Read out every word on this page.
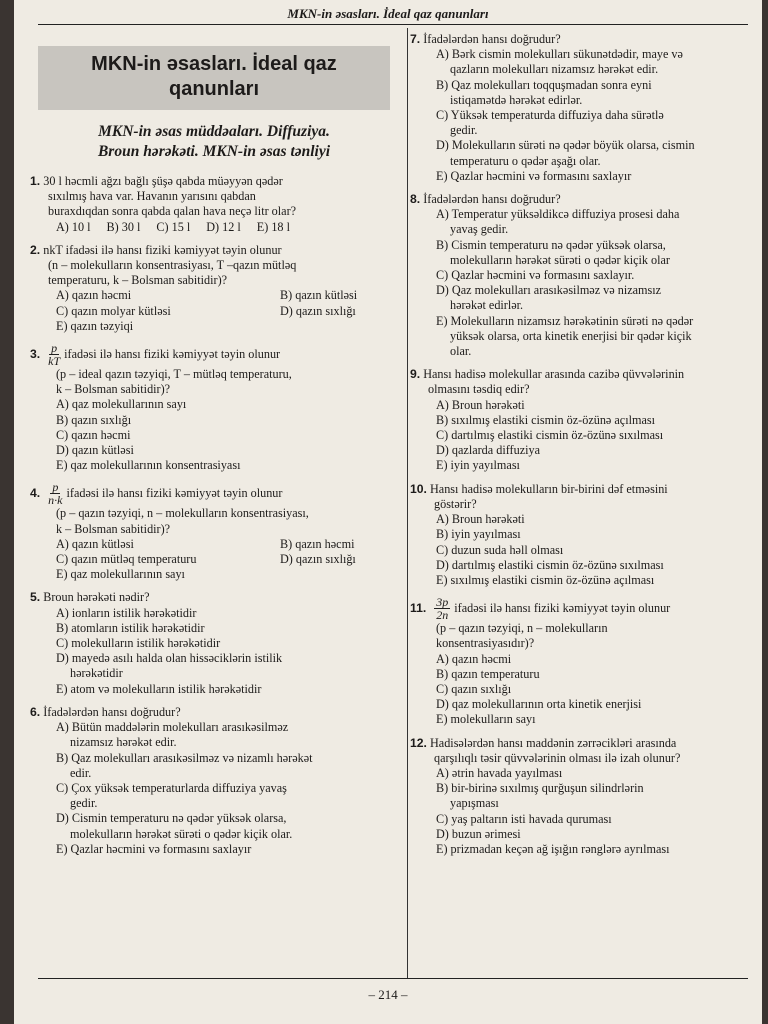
MKN-in əsasları. İdeal qaz qanunları
MKN-in əsasları. İdeal qaz
qanunları
MKN-in əsas müddəaları. Diffuziya.
Broun hərəkəti. MKN-in əsas tənliyi
1. 30 l həcmli ağzı bağlı şüşə qabda müəyyən qədər
sıxılmış hava var. Havanın yarısını qabdan
buraxdıqdan sonra qabda qalan hava neçə litr olar?
A) 10 l B) 30 l C) 15 l D) 12 l E) 18 l
2. nkT ifadəsi ilə hansı fiziki kəmiyyət təyin olunur
(n – molekulların konsentrasiyası, T –qazın mütləq
temperaturu, k – Bolsman sabitidir)?
A) qazın həcmi	B) qazın kütləsi
C) qazın molyar kütləsi	D) qazın sıxlığı
E) qazın təzyiqi
3. $\frac{p}{kT}$ ifadəsi ilə hansı fiziki kəmiyyət təyin olunur
(p – ideal qazın təzyiqi, T – mütləq temperaturu,
k – Bolsman sabitidir)?
A) qaz molekullarının sayı
B) qazın sıxlığı
C) qazın həcmi
D) qazın kütləsi
E) qaz molekullarının konsentrasiyası
4. $\frac{p}{n\cdot k}$ ifadəsi ilə hansı fiziki kəmiyyət təyin olunur
(p – qazın təzyiqi, n – molekulların konsentrasiyası,
k – Bolsman sabitidir)?
A) qazın kütləsi	B) qazın həcmi
C) qazın mütləq temperaturu	D) qazın sıxlığı
E) qaz molekullarının sayı
5. Broun hərəkəti nədir?
A) ionların istilik hərəkətidir
B) atomların istilik hərəkətidir
C) molekulların istilik hərəkətidir
D) mayedə asılı halda olan hissəciklərin istilik
hərəkətidir
E) atom və molekulların istilik hərəkətidir
6. İfadələrdən hansı doğrudur?
A) Bütün maddələrin molekulları arasıkəsilməz
nizamsız hərəkət edir.
B) Qaz molekulları arasıkəsilməz və nizamlı hərəkət
edir.
C) Çox yüksək temperaturlarda diffuziya yavaş
gedir.
D) Cismin temperaturu nə qədər yüksək olarsa,
molekulların hərəkət sürəti o qədər kiçik olar.
E) Qazlar həcmini və formasını saxlayır
7. İfadələrdən hansı doğrudur?
A) Bərk cismin molekulları sükunətdədir, maye və
qazların molekulları nizamsız hərəkət edir.
B) Qaz molekulları toqquşmadan sonra eyni
istiqamətdə hərəkət edirlər.
C) Yüksək temperaturda diffuziya daha sürətlə
gedir.
D) Molekulların sürəti nə qədər böyük olarsa, cismin
temperaturu o qədər aşağı olar.
E) Qazlar həcmini və formasını saxlayır
8. İfadələrdən hansı doğrudur?
A) Temperatur yüksəldikcə diffuziya prosesi daha
yavaş gedir.
B) Cismin temperaturu nə qədər yüksək olarsa,
molekulların hərəkət sürəti o qədər kiçik olar
C) Qazlar həcmini və formasını saxlayır.
D) Qaz molekulları arasıkəsilməz və nizamsız
hərəkət edirlər.
E) Molekulların nizamsız hərəkətinin sürəti nə qədər
yüksək olarsa, orta kinetik enerjisi bir qədər kiçik
olar.
9. Hansı hadisə molekullar arasında cazibə qüvvələrinin
olmasını təsdiq edir?
A) Broun hərəkəti
B) sıxılmış elastiki cismin öz-özünə açılması
C) dartılmış elastiki cismin öz-özünə sıxılması
D) qazlarda diffuziya
E) iyin yayılması
10. Hansı hadisə molekulların bir-birini dəf etməsini
göstərir?
A) Broun hərəkəti
B) iyin yayılması
C) duzun suda həll olması
D) dartılmış elastiki cismin öz-özünə sıxılması
E) sıxılmış elastiki cismin öz-özünə açılması
11. $\frac{3p}{2n}$ ifadəsi ilə hansı fiziki kəmiyyət təyin olunur
(p – qazın təzyiqi, n – molekulların
konsentrasiyasıdır)?
A) qazın həcmi
B) qazın temperaturu
C) qazın sıxlığı
D) qaz molekullarının orta kinetik enerjisi
E) molekulların sayı
12. Hadisələrdən hansı maddənin zərrəcikləri arasında
qarşılıqlı təsir qüvvələrinin olması ilə izah olunur?
A) ətrin havada yayılması
B) bir-birinə sıxılmış qurğuşun silindrlərin
yapışması
C) yaş paltarın isti havada quruması
D) buzun ərimesi
E) prizmadan keçən ağ işığın rənglərə ayrılması
– 214 –
